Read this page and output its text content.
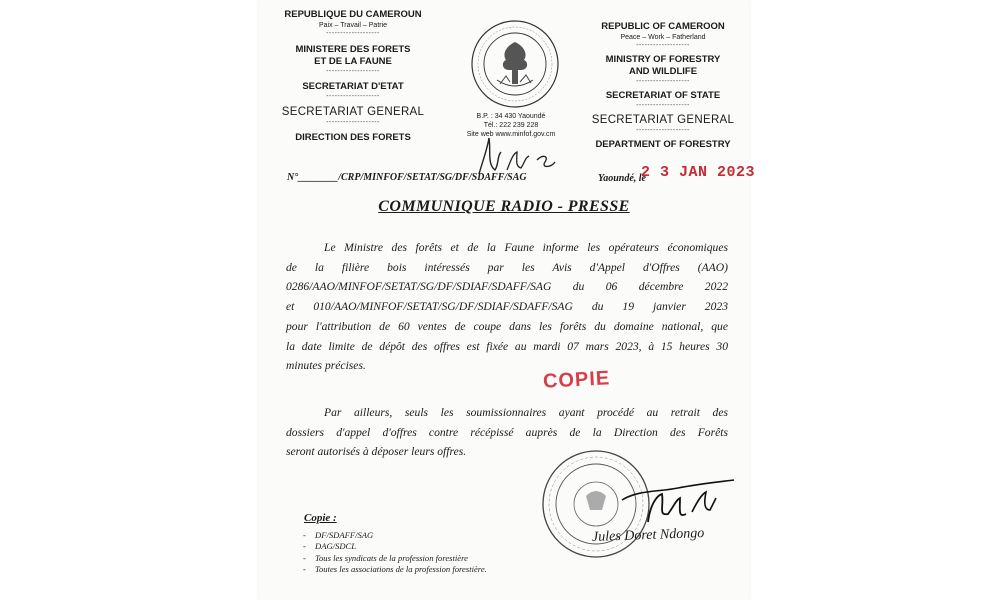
REPUBLIQUE DU CAMEROUN
Paix – Travail – Patrie
-------------------
MINISTERE DES FORETS
ET DE LA FAUNE
-------------------
SECRETARIAT D'ETAT
-------------------
SECRETARIAT GENERAL
-------------------
DIRECTION DES FORETS
B.P. : 34 430 Yaoundé
Tél.: 222 239 228
Site web www.minfof.gov.cm
REPUBLIC OF CAMEROON
Peace – Work – Fatherland
-------------------
MINISTRY OF FORESTRY
AND WILDLIFE
-------------------
SECRETARIAT OF STATE
-------------------
SECRETARIAT GENERAL
-------------------
DEPARTMENT OF FORESTRY
N°________/CRP/MINFOF/SETAT/SG/DF/SDAFF/SAG	Yaoundé, le
2 3 JAN 2023
COMMUNIQUE RADIO - PRESSE
Le Ministre des forêts et de la Faune informe les opérateurs économiques
de la filière bois intéressés par les Avis d'Appel d'Offres (AAO)
0286/AAO/MINFOF/SETAT/SG/DF/SDIAF/SDAFF/SAG du 06 décembre 2022
et 010/AAO/MINFOF/SETAT/SG/DF/SDIAF/SDAFF/SAG du 19 janvier 2023
pour l'attribution de 60 ventes de coupe dans les forêts du domaine national, que
la date limite de dépôt des offres est fixée au mardi 07 mars 2023, à 15 heures 30
minutes précises.
COPIE
Par ailleurs, seuls les soumissionnaires ayant procédé au retrait des
dossiers d'appel d'offres contre récépissé auprès de la Direction des Forêts
seront autorisés à déposer leurs offres.
Jules Doret Ndongo
Copie :
- DF/SDAFF/SAG
- DAG/SDCL
- Tous les syndicats de la profession forestière
- Toutes les associations de la profession forestière.
